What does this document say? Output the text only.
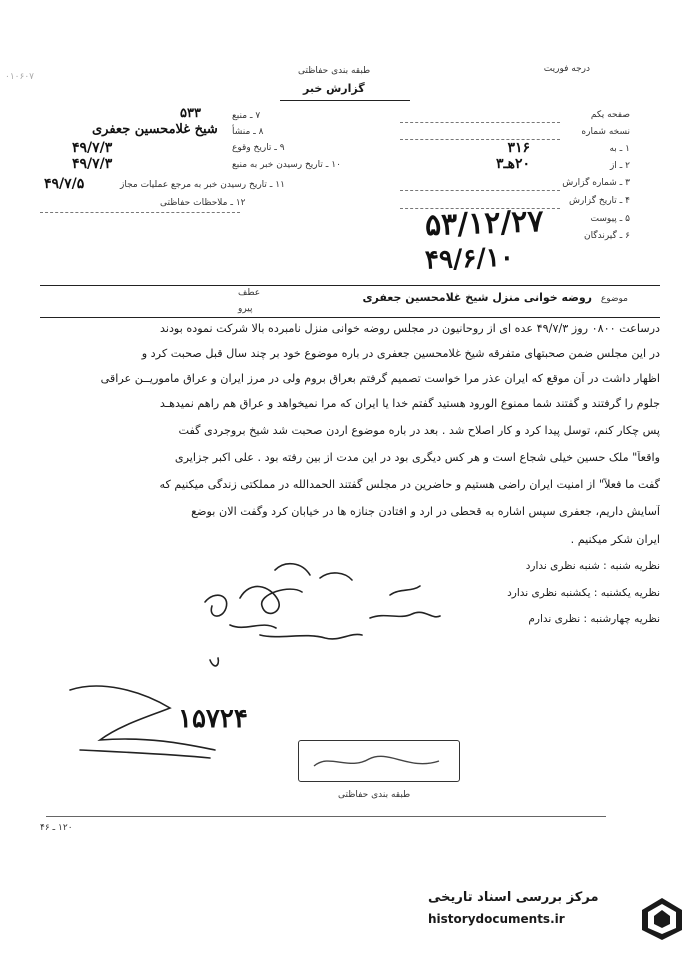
درجه فوریت
۰۱۰۶۰۷
طبقه بندی حفاظتی
گزارش خبر
صفحه یکم
نسخه شماره
۱ ـ به
۳۱۶
۲ ـ از
۲۰هـ۳
۳ ـ شماره گزارش
۴ ـ تاریخ گزارش
۵ ـ پیوست
۶ ـ گیرندگان
۷ ـ منبع
۵۳۳
۸ ـ منشأ
شیخ غلامحسین جعفری
۹ ـ تاریخ وقوع
۴۹/۷/۳
۱۰ ـ تاریخ رسیدن خبر به منبع
۴۹/۷/۳
۱۱ ـ تاریخ رسیدن خبر به مرجع عملیات مجاز
۴۹/۷/۵
۱۲ ـ ملاحظات حفاظتی
۵۳/۱۲/۲۷
۴۹/۶/۱۰
موضوع
روضه خوانی منزل شیخ غلامحسین جعفری
عطف
پیرو
درساعت ۰۸۰۰ روز ۴۹/۷/۳ عده ای از روحانیون در مجلس روضه خوانی منزل نامبرده بالا شرکت نموده بودند
در این مجلس ضمن صحبتهای متفرقه شیخ غلامحسین جعفری در باره موضوع خود بر چند سال قبل صحبت کرد و
اظهار داشت در آن موقع که ایران عذر مرا خواست تصمیم گرفتم بعراق بروم ولی در مرز ایران و عراق ماموریــن عراقی
جلوم را گرفتند و گفتند شما ممنوع الورود هستید گفتم خدا یا ایران که مرا نمیخواهد و عراق هم راهم نمیدهـد
پس چکار کنم، توسل پیدا کرد و کار اصلاح شد . بعد در باره موضوع اردن صحبت شد شیخ بروجردی گفت
واقعاً" ملک حسین خیلی شجاع است و هر کس دیگری بود در این مدت از بین رفته بود . علی اکبر جزایری
گفت ما فعلاً" از امنیت ایران راضی هستیم و حاضرین در مجلس گفتند الحمدالله در مملکتی زندگی میکنیم که
آسایش داریم، جعفری سپس اشاره به قحطی در ارد و افتادن جنازه ها در خیابان کرد وگفت الان بوضع
ایران شکر میکنیم .
نظریه شنبه : شنبه نظری ندارد
نظریه یکشنبه : یکشنبه نظری ندارد
نظریه چهارشنبه : نظری ندارم
۱۵۷۲۴
طبقه بندی حفاظتی
۱۲۰ ـ ۴۶
مرکز بررسی اسناد تاریخی
historydocuments.ir
